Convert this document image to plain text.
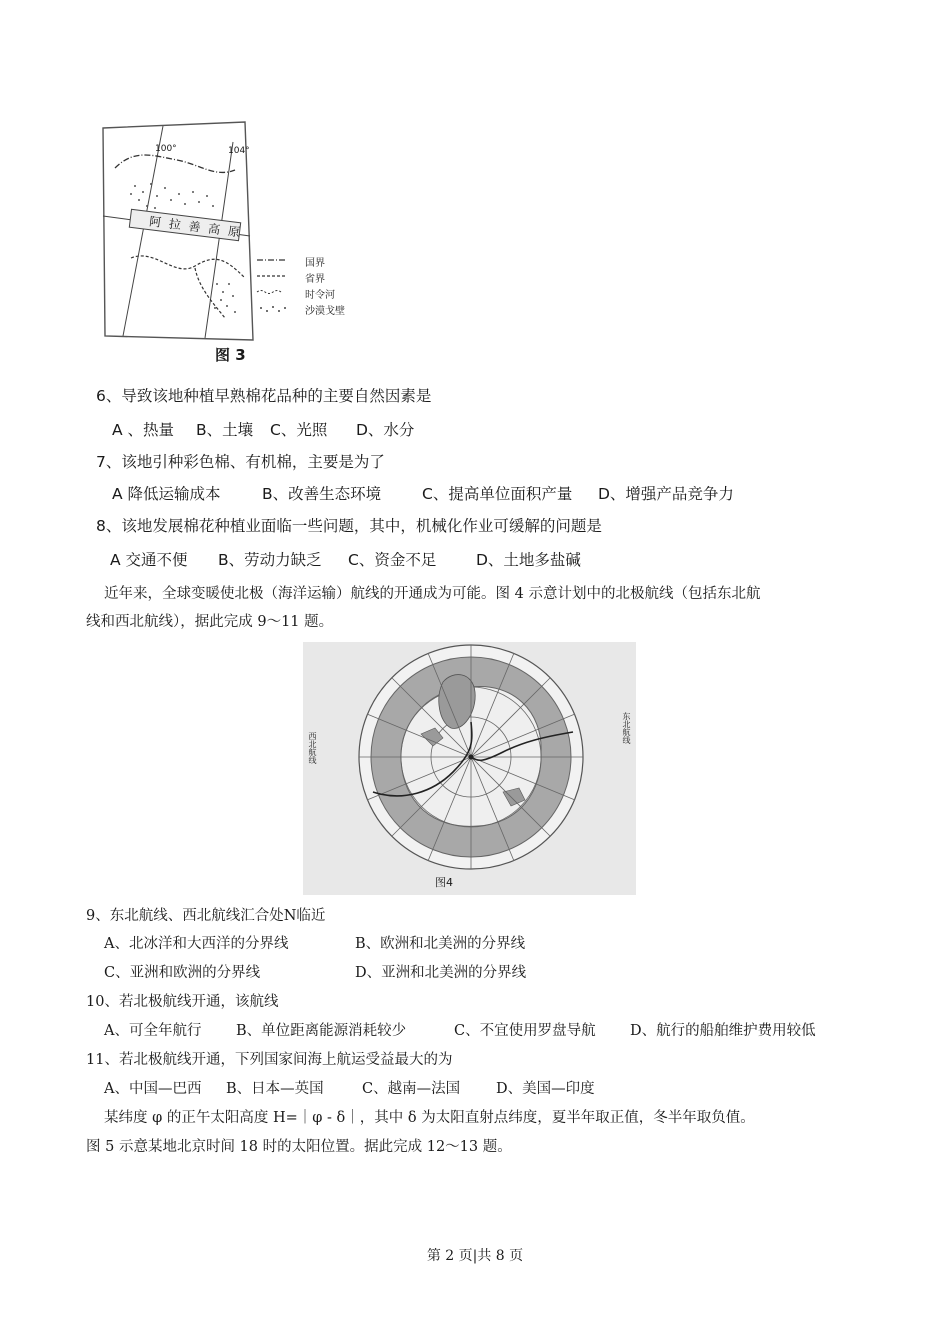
100°	104°
阿 拉 善 高 原
国界
省界
时令河
沙漠戈壁
图 3
6、导致该地种植早熟棉花品种的主要自然因素是
A 、热量 B、土壤 C、光照 D、水分
7、该地引种彩色棉、有机棉，主要是为了
A 降低运输成本	B、改善生态环境	C、提高单位面积产量 D、增强产品竞争力
8、该地发展棉花种植业面临一些问题，其中，机械化作业可缓解的问题是
A 交通不便 B、劳动力缺乏 C、资金不足	D、土地多盐碱
近年来，全球变暖使北极（海洋运输）航线的开通成为可能。图 4 示意计划中的北极航线（包括东北航
线和西北航线），据此完成 9～11 题。
西北航线
东北航线
图4
9、东北航线、西北航线汇合处N临近
A、北冰洋和大西洋的分界线	B、欧洲和北美洲的分界线
C、亚洲和欧洲的分界线	D、亚洲和北美洲的分界线
10、若北极航线开通，该航线
A、可全年航行 B、单位距离能源消耗较少	C、不宜使用罗盘导航 D、航行的船舶维护费用较低
11、若北极航线开通，下列国家间海上航运受益最大的为
A、中国—巴西 B、日本—英国	C、越南—法国 D、美国—印度
某纬度 φ 的正午太阳高度 H=｜φ - δ｜，其中 δ 为太阳直射点纬度，夏半年取正值，冬半年取负值。
图 5 示意某地北京时间 18 时的太阳位置。据此完成 12～13 题。
第 2 页|共 8 页
